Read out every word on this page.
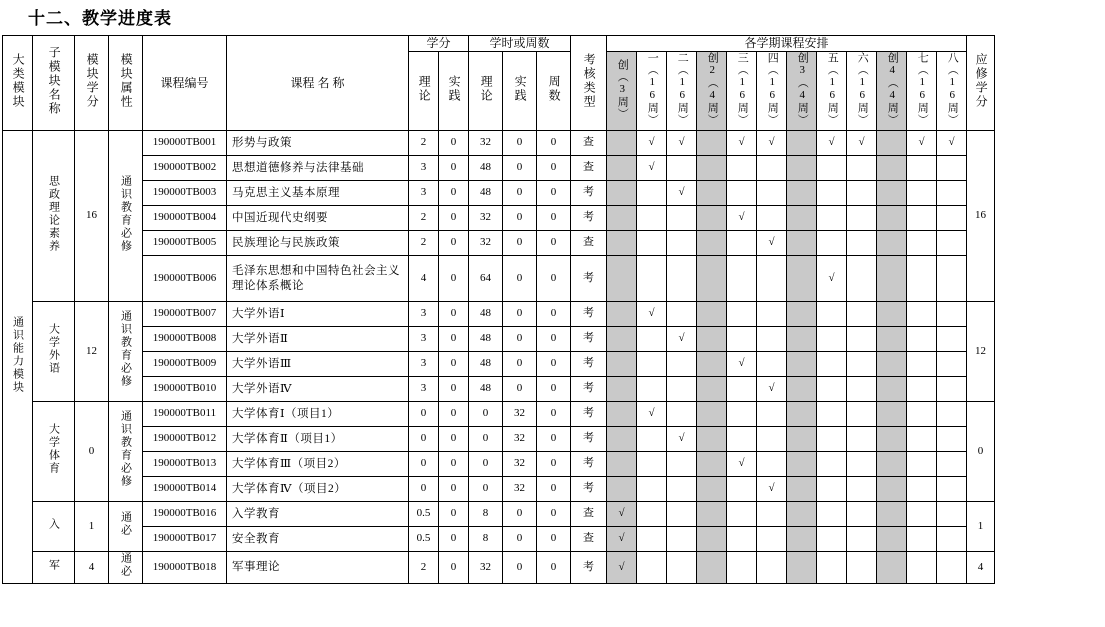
十二、教学进度表
大类模块	子模块名称	模块学分	模块属性	课程编号	课程 名 称	学分		学时或周数			考核类型	各学期课程安排												应修学分
						理论	实践	理论	实践	周数		创（3周）	一（16周）	二（16周）	创2（4周）	三（16周）	四（16周）	创3（4周）	五（16周）	六（16周）	创4（4周）	七（16周）	八（16周）	

通识能力模块	思政理论素养	16	通识教育必修	190000TB001	形势与政策	2	0	32	0	0	查		√	√		√	√		√	√		√	√	16
				190000TB002	思想道德修养与法律基础	3	0	48	0	0	查		√											
				190000TB003	马克思主义基本原理	3	0	48	0	0	考			√										
				190000TB004	中国近现代史纲要	2	0	32	0	0	考					√								
				190000TB005	民族理论与民族政策	2	0	32	0	0	查						√							
				190000TB006	毛泽东思想和中国特色社会主义理论体系概论	4	0	64	0	0	考								√					
	大学外语	12	通识教育必修	190000TB007	大学外语Ⅰ	3	0	48	0	0	考		√											12
				190000TB008	大学外语Ⅱ	3	0	48	0	0	考			√										
				190000TB009	大学外语Ⅲ	3	0	48	0	0	考					√								
				190000TB010	大学外语Ⅳ	3	0	48	0	0	考						√							
	大学体育	0	通识教育必修	190000TB011	大学体育Ⅰ（项目1）	0	0	0	32	0	考		√											0
				190000TB012	大学体育Ⅱ（项目1）	0	0	0	32	0	考			√										
				190000TB013	大学体育Ⅲ（项目2）	0	0	0	32	0	考					√								
				190000TB014	大学体育Ⅳ（项目2）	0	0	0	32	0	考						√							
	入	1	通必	190000TB016	入学教育	0.5	0	8	0	0	查	√												1
				190000TB017	安全教育	0.5	0	8	0	0	查	√												
	军	4	通必	190000TB018	军事理论	2	0	32	0	0	考	√												4
